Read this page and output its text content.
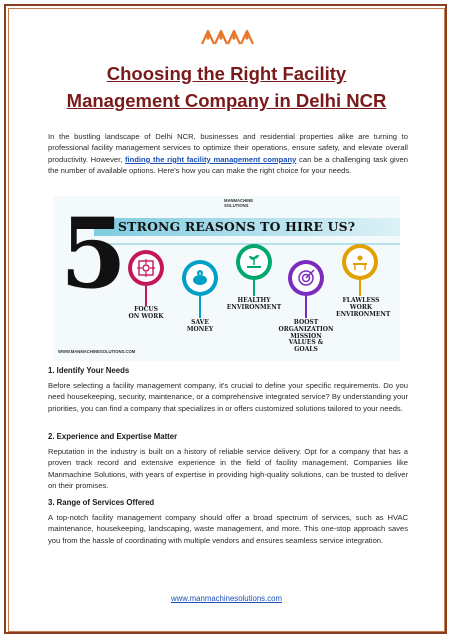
Choosing the Right Facility
Management Company in Delhi NCR
In the bustling landscape of Delhi NCR, businesses and residential properties alike are turning to professional facility management services to optimize their operations, ensure safety, and elevate overall productivity. However, finding the right facility management company can be a challenging task given the number of available options. Here's how you can make the right choice for your needs.
5	MANMACHINE SOLUTIONS
STRONG REASONS TO HIRE US?
$
FOCUS ON WORK
SAVE MONEY
HEALTHY ENVIRONMENT
BOOST ORGANIZATION MISSION VALUES & GOALS
FLAWLESS WORK ENVIRONMENT
WWW.MANMACHINESOLUTIONS.COM
1. Identify Your Needs
Before selecting a facility management company, it's crucial to define your specific requirements. Do you need housekeeping, security, maintenance, or a comprehensive integrated service? By understanding your priorities, you can find a company that specializes in or offers customized solutions tailored to your needs.
2. Experience and Expertise Matter
Reputation in the industry is built on a history of reliable service delivery. Opt for a company that has a proven track record and extensive experience in the field of facility management. Companies like Manmachine Solutions, with years of expertise in providing high-quality solutions, can be trusted to deliver on their promises.
3. Range of Services Offered
A top-notch facility management company should offer a broad spectrum of services, such as HVAC maintenance, housekeeping, landscaping, waste management, and more. This one-stop approach saves you from the hassle of coordinating with multiple vendors and ensures seamless service integration.
www.manmachinesolutions.com
